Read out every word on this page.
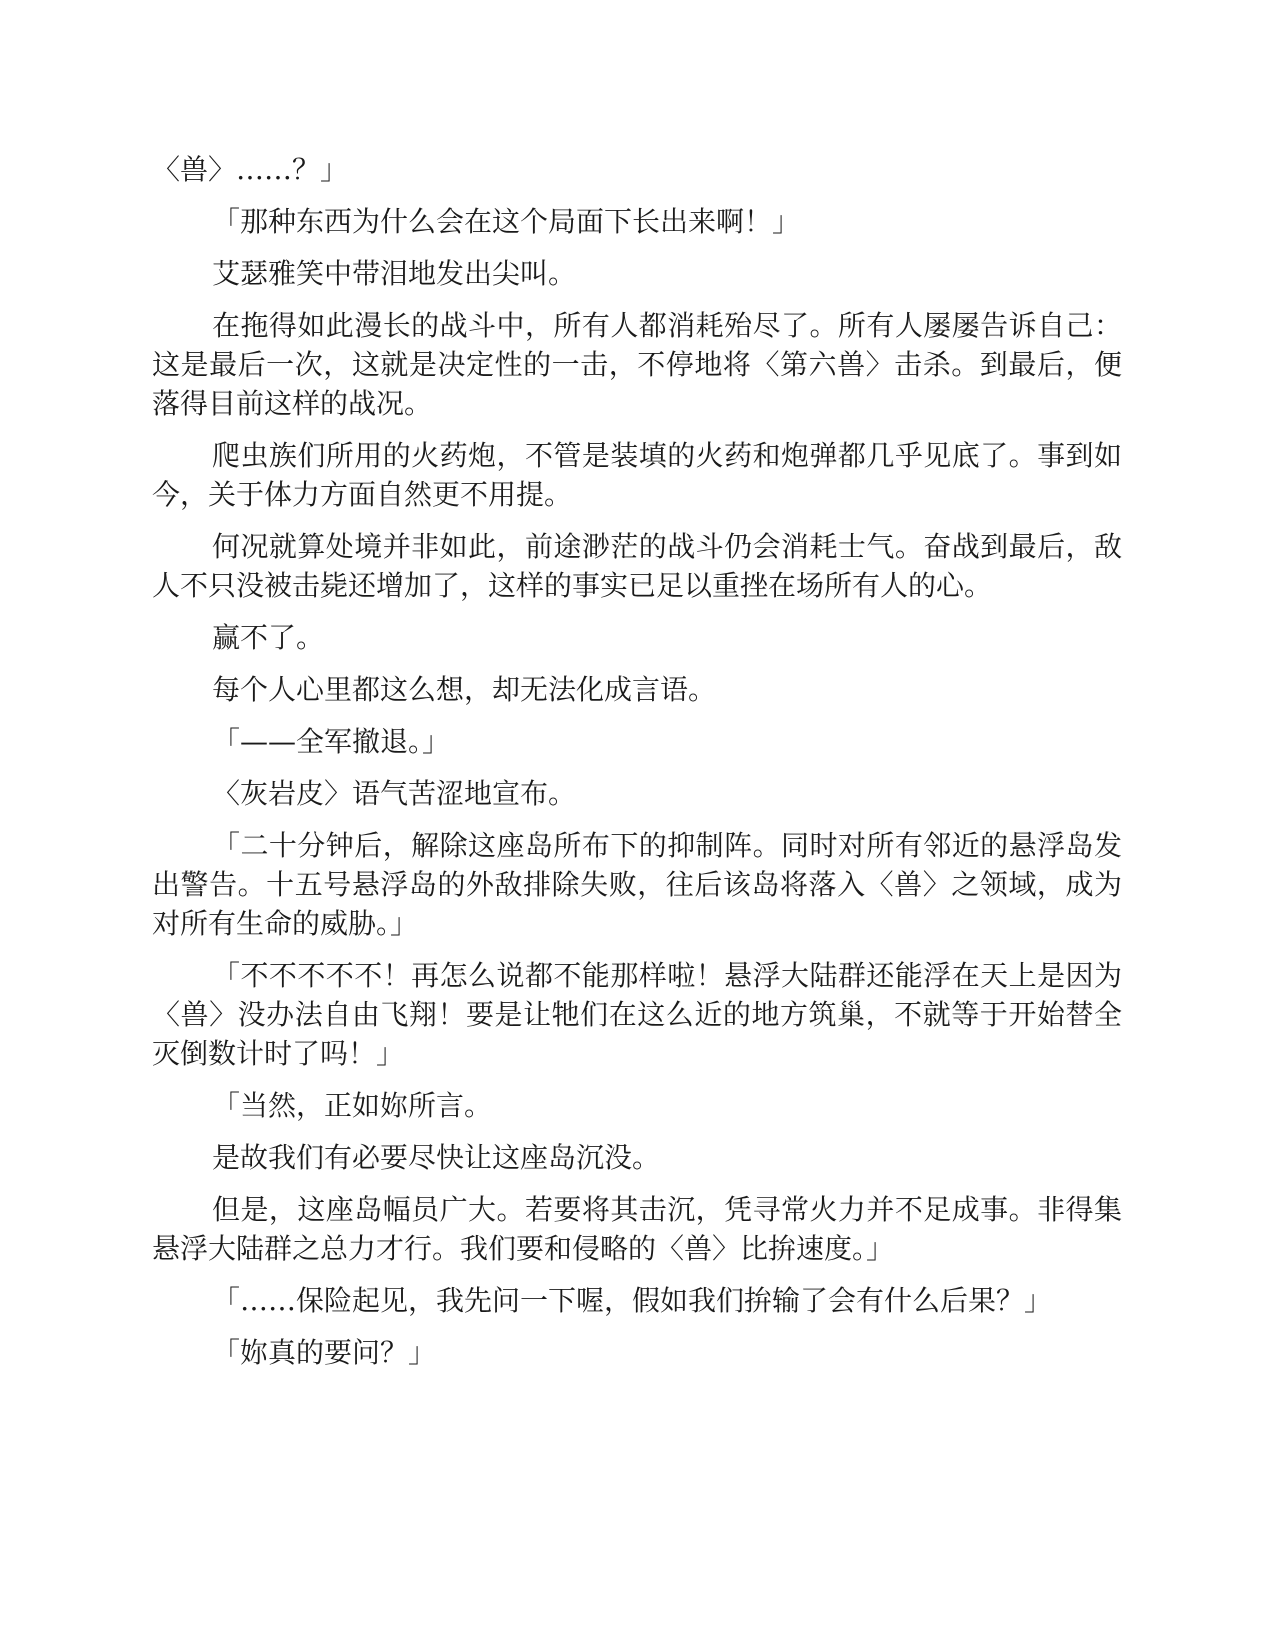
〈兽〉……？」

「那种东西为什么会在这个局面下长出来啊！」

艾瑟雅笑中带泪地发出尖叫。

在拖得如此漫长的战斗中，所有人都消耗殆尽了。所有人屡屡告诉自己：这是最后一次，这就是决定性的一击，不停地将〈第六兽〉击杀。到最后，便落得目前这样的战况。

爬虫族们所用的火药炮，不管是装填的火药和炮弹都几乎见底了。事到如今，关于体力方面自然更不用提。

何况就算处境并非如此，前途渺茫的战斗仍会消耗士气。奋战到最后，敌人不只没被击毙还增加了，这样的事实已足以重挫在场所有人的心。

赢不了。

每个人心里都这么想，却无法化成言语。

「——全军撤退。」

〈灰岩皮〉语气苦涩地宣布。

「二十分钟后，解除这座岛所布下的抑制阵。同时对所有邻近的悬浮岛发出警告。十五号悬浮岛的外敌排除失败，往后该岛将落入〈兽〉之领域，成为对所有生命的威胁。」

「不不不不不！再怎么说都不能那样啦！悬浮大陆群还能浮在天上是因为〈兽〉没办法自由飞翔！要是让牠们在这么近的地方筑巢，不就等于开始替全灭倒数计时了吗！」

「当然，正如妳所言。

是故我们有必要尽快让这座岛沉没。

但是，这座岛幅员广大。若要将其击沉，凭寻常火力并不足成事。非得集悬浮大陆群之总力才行。我们要和侵略的〈兽〉比拚速度。」

「……保险起见，我先问一下喔，假如我们拚输了会有什么后果？」

「妳真的要问？」
